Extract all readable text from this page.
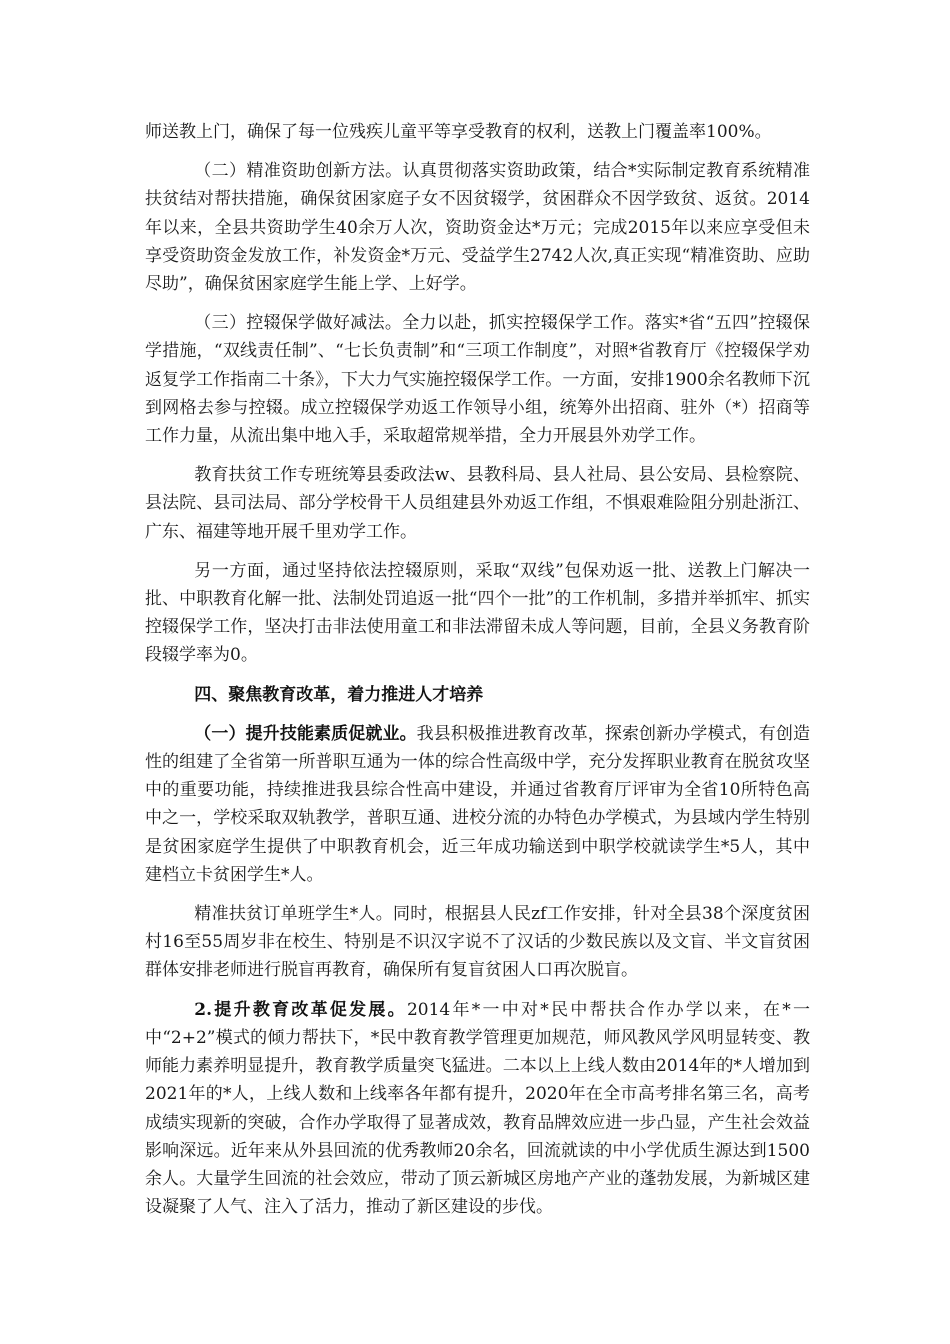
师送教上门，确保了每一位残疾儿童平等享受教育的权利，送教上门覆盖率100%。

（二）精准资助创新方法。认真贯彻落实资助政策，结合*实际制定教育系统精准扶贫结对帮扶措施，确保贫困家庭子女不因贫辍学，贫困群众不因学致贫、返贫。2014年以来，全县共资助学生40余万人次，资助资金达*万元；完成2015年以来应享受但未享受资助资金发放工作，补发资金*万元、受益学生2742人次,真正实现“精准资助、应助尽助”，确保贫困家庭学生能上学、上好学。

（三）控辍保学做好减法。全力以赴，抓实控辍保学工作。落实*省“五四”控辍保学措施，“双线责任制”、“七长负责制”和“三项工作制度”，对照*省教育厅《控辍保学劝返复学工作指南二十条》，下大力气实施控辍保学工作。一方面，安排1900余名教师下沉到网格去参与控辍。成立控辍保学劝返工作领导小组，统筹外出招商、驻外（*）招商等工作力量，从流出集中地入手，采取超常规举措，全力开展县外劝学工作。

教育扶贫工作专班统筹县委政法w、县教科局、县人社局、县公安局、县检察院、县法院、县司法局、部分学校骨干人员组建县外劝返工作组，不惧艰难险阻分别赴浙江、广东、福建等地开展千里劝学工作。

另一方面，通过坚持依法控辍原则，采取“双线”包保劝返一批、送教上门解决一批、中职教育化解一批、法制处罚追返一批“四个一批”的工作机制，多措并举抓牢、抓实控辍保学工作，坚决打击非法使用童工和非法滞留未成人等问题，目前，全县义务教育阶段辍学率为0。

四、聚焦教育改革，着力推进人才培养

（一）提升技能素质促就业。我县积极推进教育改革，探索创新办学模式，有创造性的组建了全省第一所普职互通为一体的综合性高级中学，充分发挥职业教育在脱贫攻坚中的重要功能，持续推进我县综合性高中建设，并通过省教育厅评审为全省10所特色高中之一，学校采取双轨教学，普职互通、进校分流的办特色办学模式，为县域内学生特别是贫困家庭学生提供了中职教育机会，近三年成功输送到中职学校就读学生*5人，其中建档立卡贫困学生*人。

精准扶贫订单班学生*人。同时，根据县人民zf工作安排，针对全县38个深度贫困村16至55周岁非在校生、特别是不识汉字说不了汉话的少数民族以及文盲、半文盲贫困群体安排老师进行脱盲再教育，确保所有复盲贫困人口再次脱盲。

2.提升教育改革促发展。2014年*一中对*民中帮扶合作办学以来，在*一中“2+2”模式的倾力帮扶下，*民中教育教学管理更加规范，师风教风学风明显转变、教师能力素养明显提升，教育教学质量突飞猛进。二本以上上线人数由2014年的*人增加到2021年的*人，上线人数和上线率各年都有提升，2020年在全市高考排名第三名，高考成绩实现新的突破，合作办学取得了显著成效，教育品牌效应进一步凸显，产生社会效益影响深远。近年来从外县回流的优秀教师20余名，回流就读的中小学优质生源达到1500余人。大量学生回流的社会效应，带动了顶云新城区房地产产业的蓬勃发展，为新城区建设凝聚了人气、注入了活力，推动了新区建设的步伐。
